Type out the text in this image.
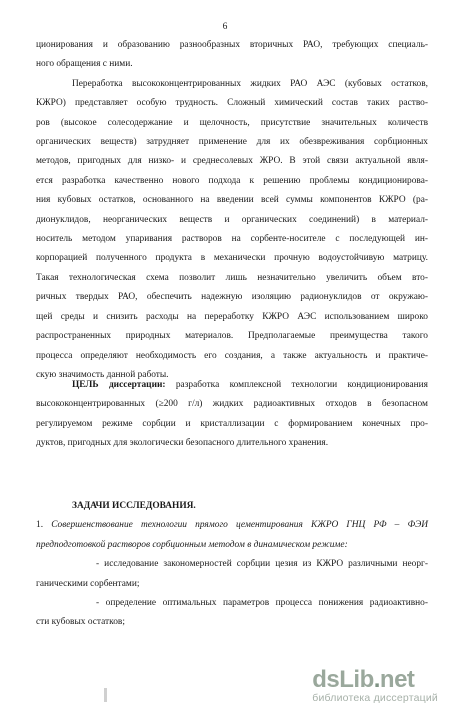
6
ционирования и образованию разнообразных вторичных РАО, требующих специаль-
ного обращения с ними.
Переработка высококонцентрированных жидких РАО АЭС (кубовых остатков,
КЖРО) представляет особую трудность. Сложный химический состав таких раство-
ров (высокое солесодержание и щелочность, присутствие значительных количеств
органических веществ) затрудняет применение для их обезвреживания сорбционных
методов, пригодных для низко- и среднесолевых ЖРО. В этой связи актуальной явля-
ется разработка качественно нового подхода к решению проблемы кондиционирова-
ния кубовых остатков, основанного на введении всей суммы компонентов КЖРО (ра-
дионуклидов, неорганических веществ и органических соединений) в материал-
носитель методом упаривания растворов на сорбенте-носителе с последующей ин-
корпорацией полученного продукта в механически прочную водоустойчивую матрицу.
Такая технологическая схема позволит лишь незначительно увеличить объем вто-
ричных твердых РАО, обеспечить надежную изоляцию радионуклидов от окружаю-
щей среды и снизить расходы на переработку КЖРО АЭС использованием широко
распространенных природных материалов. Предполагаемые преимущества такого
процесса определяют необходимость его создания, а также актуальность и практиче-
скую значимость данной работы.
ЦЕЛЬ диссертации: разработка комплексной технологии кондиционирования
высококонцентрированных (≥200 г/л) жидких радиоактивных отходов в безопасном
регулируемом режиме сорбции и кристаллизации с формированием конечных про-
дуктов, пригодных для экологически безопасного длительного хранения.
ЗАДАЧИ ИССЛЕДОВАНИЯ.
1. Совершенствование технологии прямого цементирования КЖРО ГНЦ РФ – ФЭИ
предподготовкой растворов сорбционным методом в динамическом режиме:
- исследование закономерностей сорбции цезия из КЖРО различными неорг-
ганическими сорбентами;
- определение оптимальных параметров процесса понижения радиоактивно-
сти кубовых остатков;
dsLib.net
библиотека диссертаций
